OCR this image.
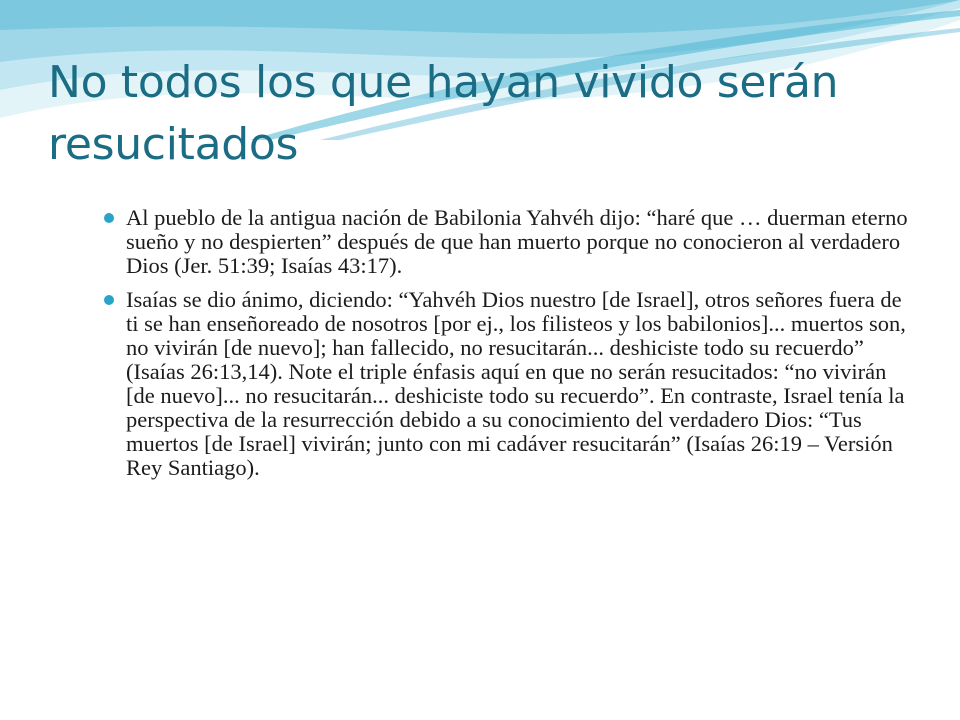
No todos los que hayan vivido serán resucitados
Al pueblo de la antigua nación de Babilonia Yahvéh dijo: “haré que … duerman eterno sueño y no despierten” después de que han muerto porque no conocieron al verdadero Dios (Jer. 51:39; Isaías 43:17).
Isaías se dio ánimo, diciendo: “Yahvéh Dios nuestro [de Israel], otros señores fuera de ti se han enseñoreado de nosotros [por ej., los filisteos y los babilonios]... muertos son, no vivirán [de nuevo]; han fallecido, no resucitarán... deshiciste todo su recuerdo” (Isaías 26:13,14). Note el triple énfasis aquí en que no serán resucitados: “no vivirán [de nuevo]... no resucitarán... deshiciste todo su recuerdo”. En contraste, Israel tenía la perspectiva de la resurrección debido a su conocimiento del verdadero Dios: “Tus muertos [de Israel] vivirán; junto con mi cadáver resucitarán” (Isaías 26:19 – Versión Rey Santiago).
